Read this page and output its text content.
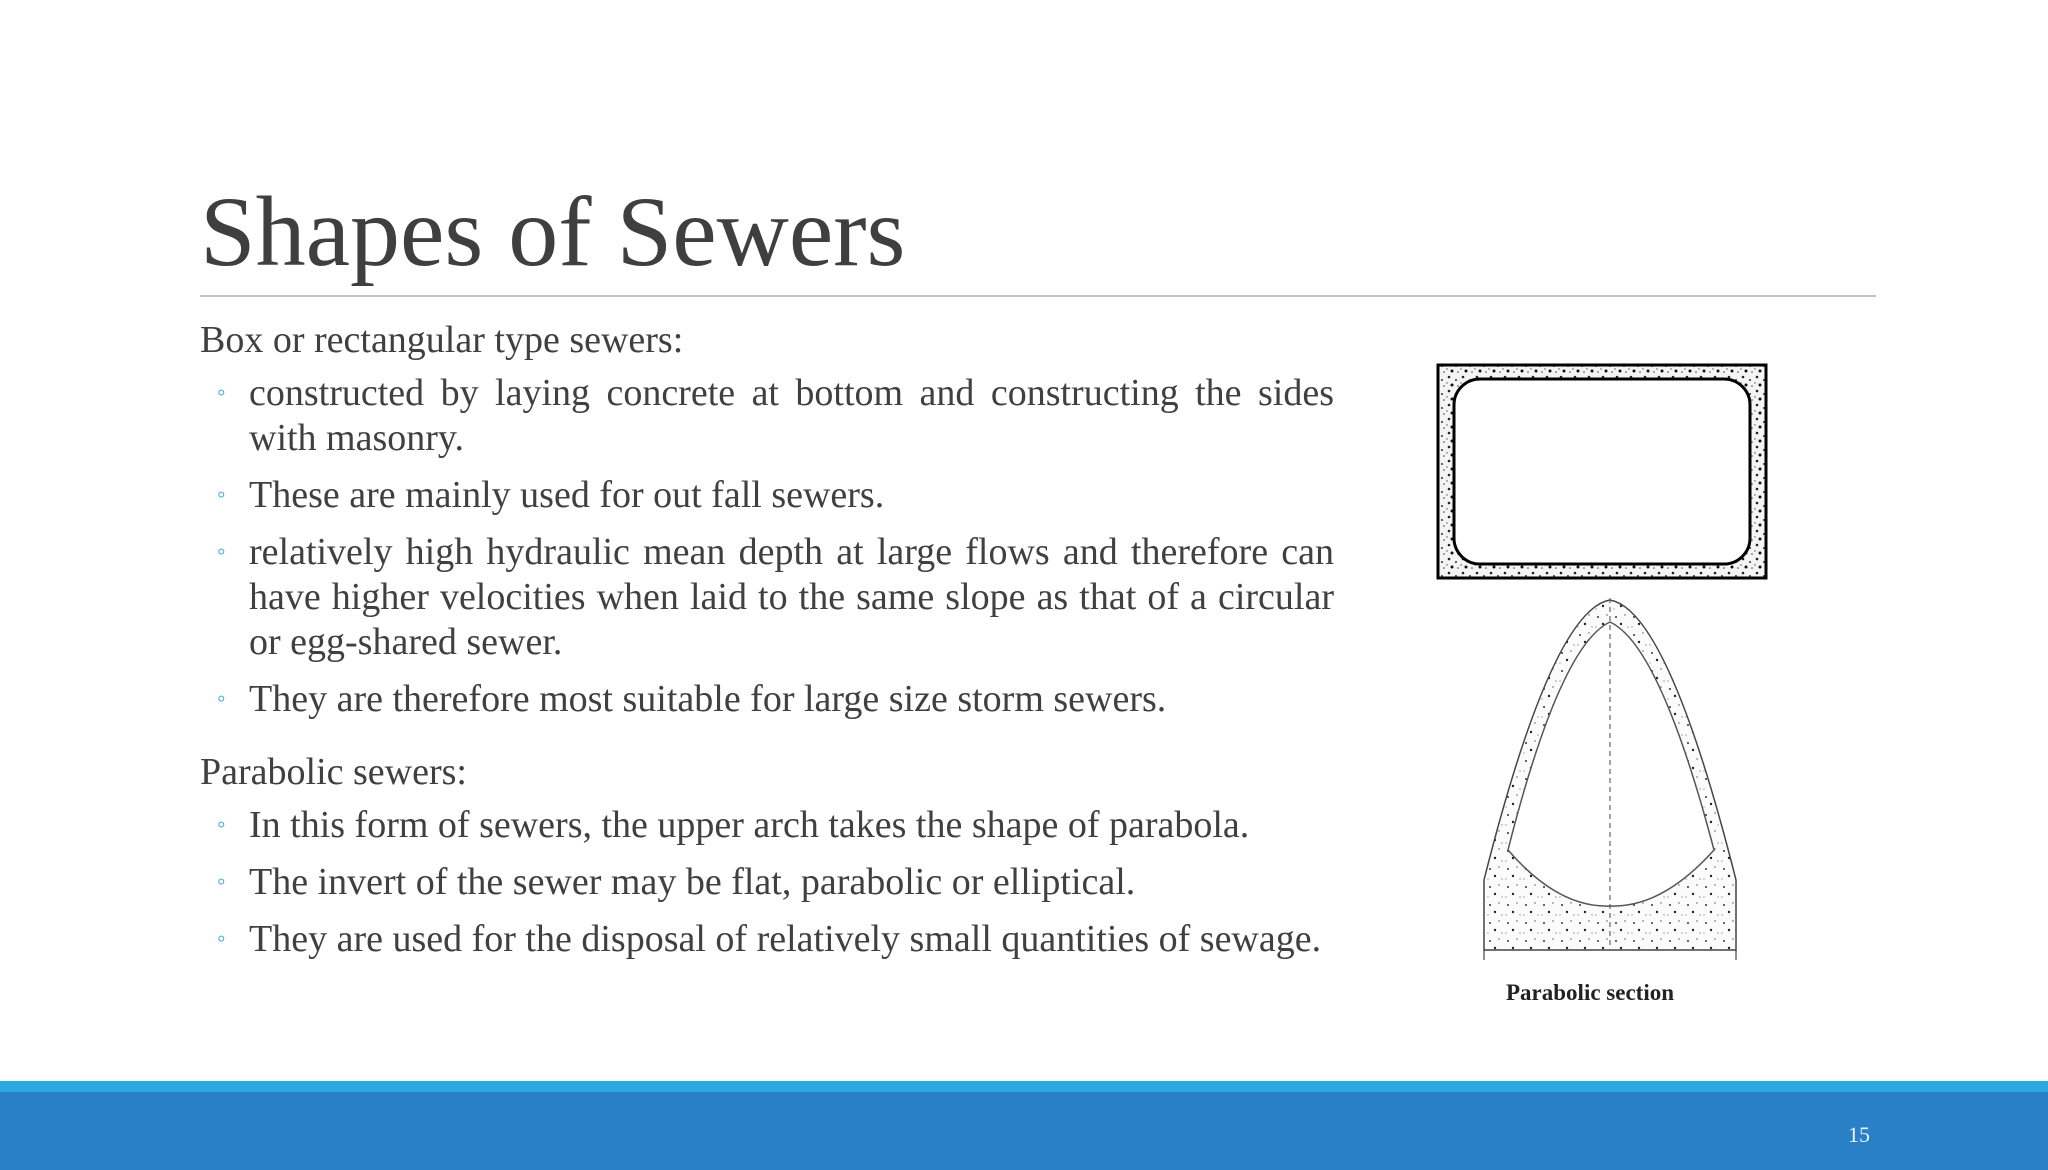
Shapes of Sewers

Box or rectangular type sewers:

◦ constructed by laying concrete at bottom and constructing the sides with masonry.
◦ These are mainly used for out fall sewers.
◦ relatively high hydraulic mean depth at large flows and therefore can have higher velocities when laid to the same slope as that of a circular or egg-shared sewer.
◦ They are therefore most suitable for large size storm sewers.

Parabolic sewers:

◦ In this form of sewers, the upper arch takes the shape of parabola.
◦ The invert of the sewer may be flat, parabolic or elliptical.
◦ They are used for the disposal of relatively small quantities of sewage.
Parabolic section
15
